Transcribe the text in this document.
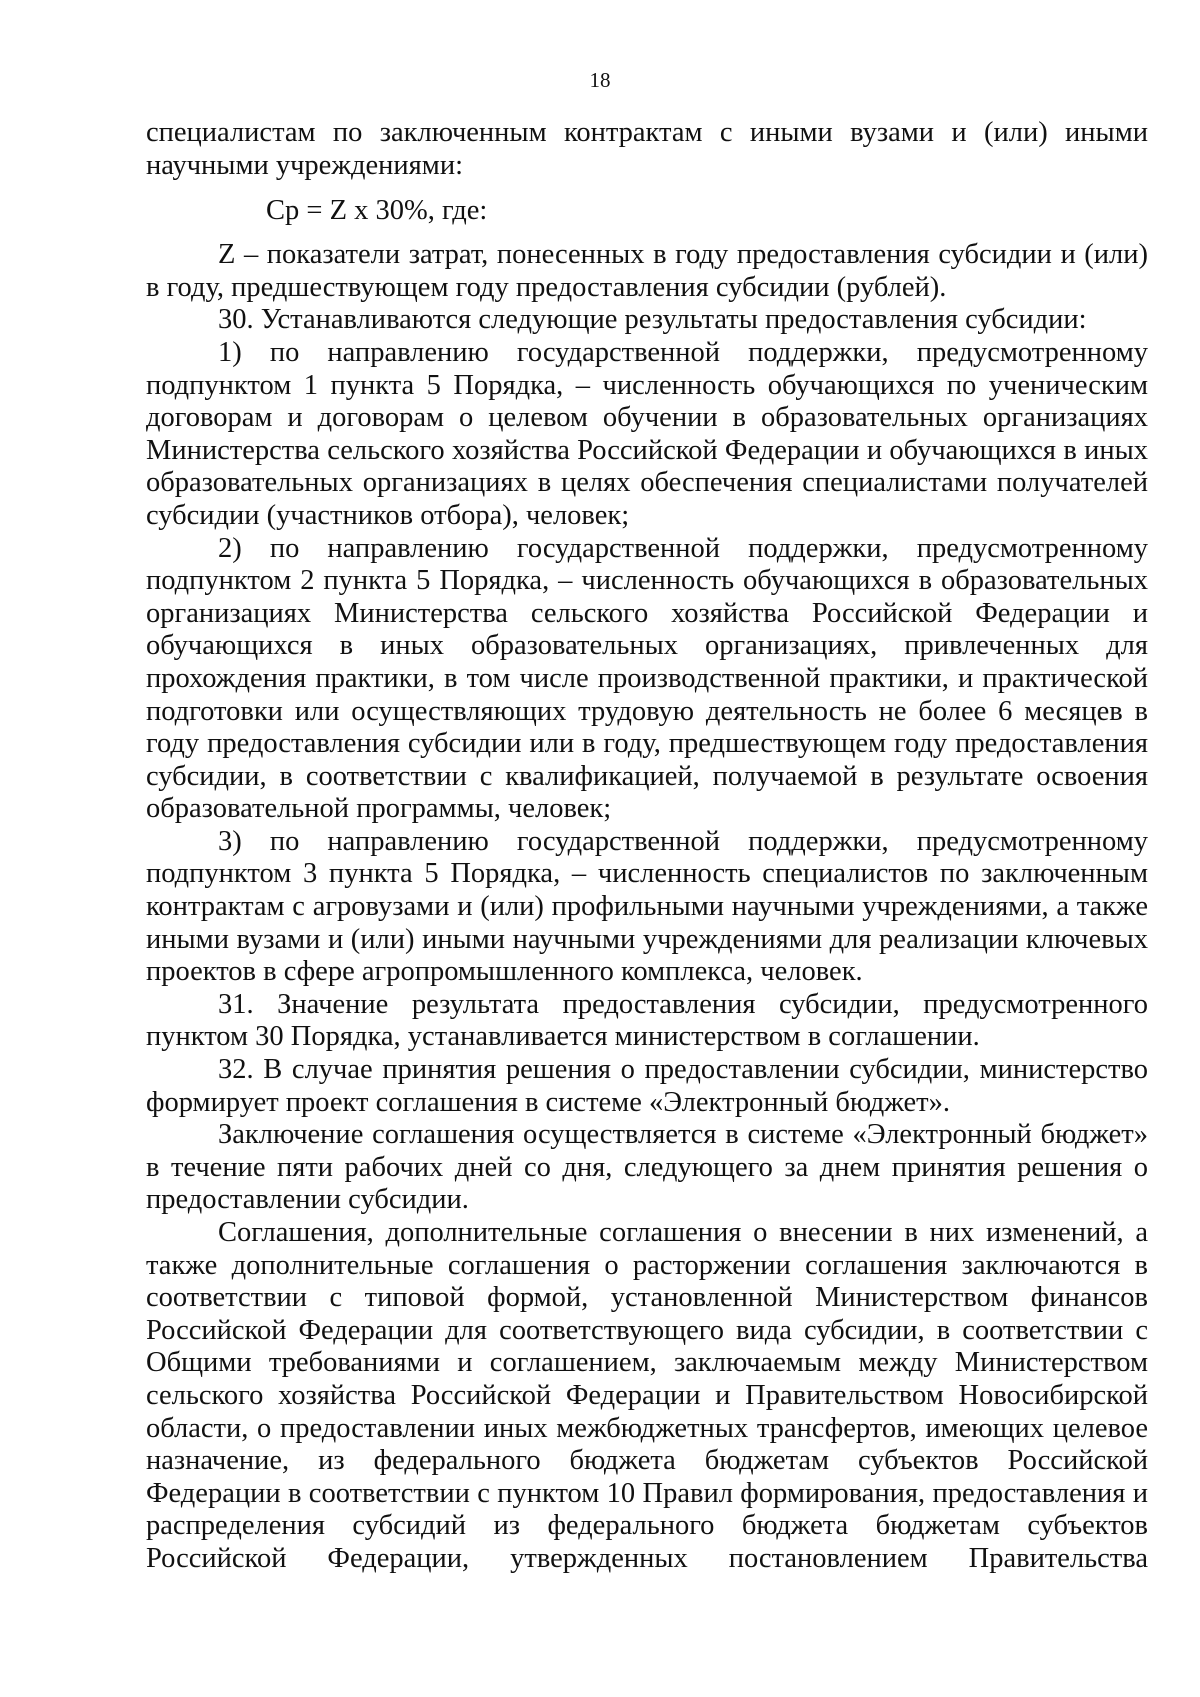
18

специалистам по заключенным контрактам с иными вузами и (или) иными научными учреждениями:

Ср = Z x 30%, где:

Z – показатели затрат, понесенных в году предоставления субсидии и (или) в году, предшествующем году предоставления субсидии (рублей).

30. Устанавливаются следующие результаты предоставления субсидии:

1) по направлению государственной поддержки, предусмотренному подпунктом 1 пункта 5 Порядка, – численность обучающихся по ученическим договорам и договорам о целевом обучении в образовательных организациях Министерства сельского хозяйства Российской Федерации и обучающихся в иных образовательных организациях в целях обеспечения специалистами получателей субсидии (участников отбора), человек;

2) по направлению государственной поддержки, предусмотренному подпунктом 2 пункта 5 Порядка, – численность обучающихся в образовательных организациях Министерства сельского хозяйства Российской Федерации и обучающихся в иных образовательных организациях, привлеченных для прохождения практики, в том числе производственной практики, и практической подготовки или осуществляющих трудовую деятельность не более 6 месяцев в году предоставления субсидии или в году, предшествующем году предоставления субсидии, в соответствии с квалификацией, получаемой в результате освоения образовательной программы, человек;

3) по направлению государственной поддержки, предусмотренному подпунктом 3 пункта 5 Порядка, – численность специалистов по заключенным контрактам с агровузами и (или) профильными научными учреждениями, а также иными вузами и (или) иными научными учреждениями для реализации ключевых проектов в сфере агропромышленного комплекса, человек.

31. Значение результата предоставления субсидии, предусмотренного пунктом 30 Порядка, устанавливается министерством в соглашении.

32. В случае принятия решения о предоставлении субсидии, министерство формирует проект соглашения в системе «Электронный бюджет».

Заключение соглашения осуществляется в системе «Электронный бюджет» в течение пяти рабочих дней со дня, следующего за днем принятия решения о предоставлении субсидии.

Соглашения, дополнительные соглашения о внесении в них изменений, а также дополнительные соглашения о расторжении соглашения заключаются в соответствии с типовой формой, установленной Министерством финансов Российской Федерации для соответствующего вида субсидии, в соответствии с Общими требованиями и соглашением, заключаемым между Министерством сельского хозяйства Российской Федерации и Правительством Новосибирской области, о предоставлении иных межбюджетных трансфертов, имеющих целевое назначение, из федерального бюджета бюджетам субъектов Российской Федерации в соответствии с пунктом 10 Правил формирования, предоставления и распределения субсидий из федерального бюджета бюджетам субъектов Российской Федерации, утвержденных постановлением Правительства
